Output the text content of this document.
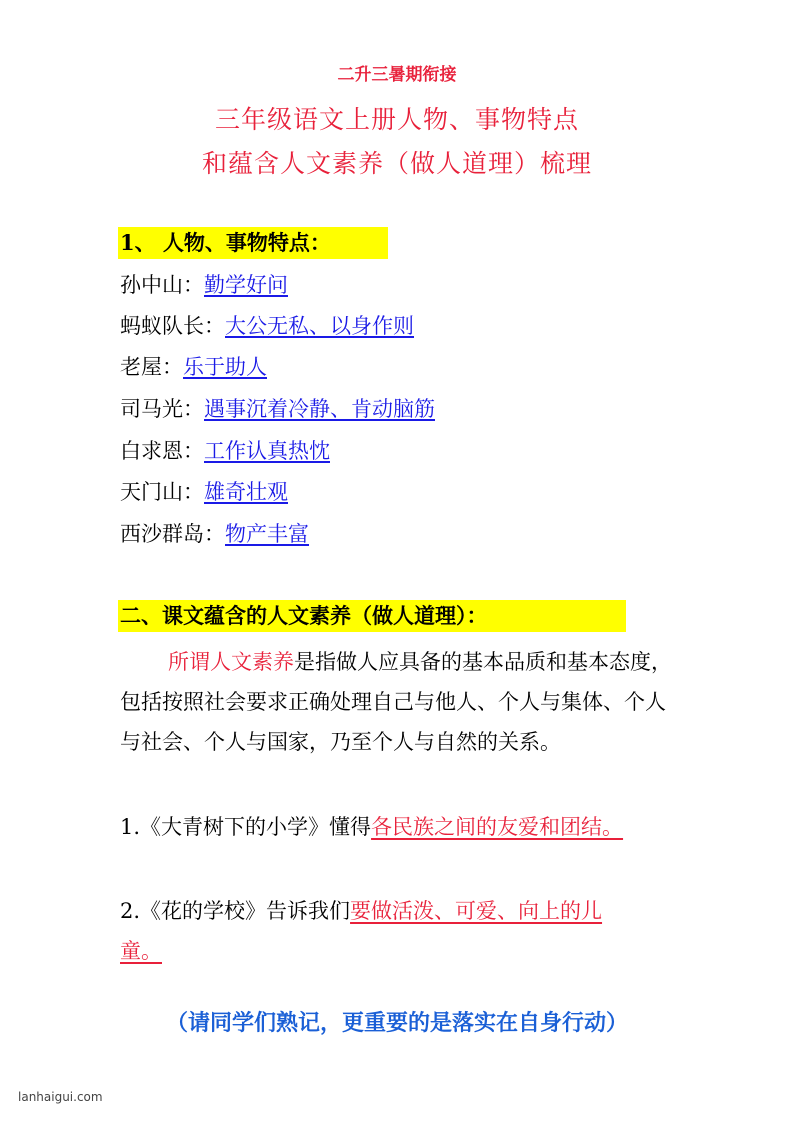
二升三暑期衔接
三年级语文上册人物、事物特点
和蕴含人文素养（做人道理）梳理
1、 人物、事物特点：
孙中山：勤学好问
蚂蚁队长：大公无私、以身作则
老屋：乐于助人
司马光：遇事沉着冷静、肯动脑筋
白求恩：工作认真热忱
天门山：雄奇壮观
西沙群岛：物产丰富
二、课文蕴含的人文素养（做人道理）：
所谓人文素养是指做人应具备的基本品质和基本态度，包括按照社会要求正确处理自己与他人、个人与集体、个人与社会、个人与国家，乃至个人与自然的关系。
1.《大青树下的小学》懂得各民族之间的友爱和团结。
2.《花的学校》告诉我们要做活泼、可爱、向上的儿
童。
（请同学们熟记，更重要的是落实在自身行动）
lanhaigui.com
